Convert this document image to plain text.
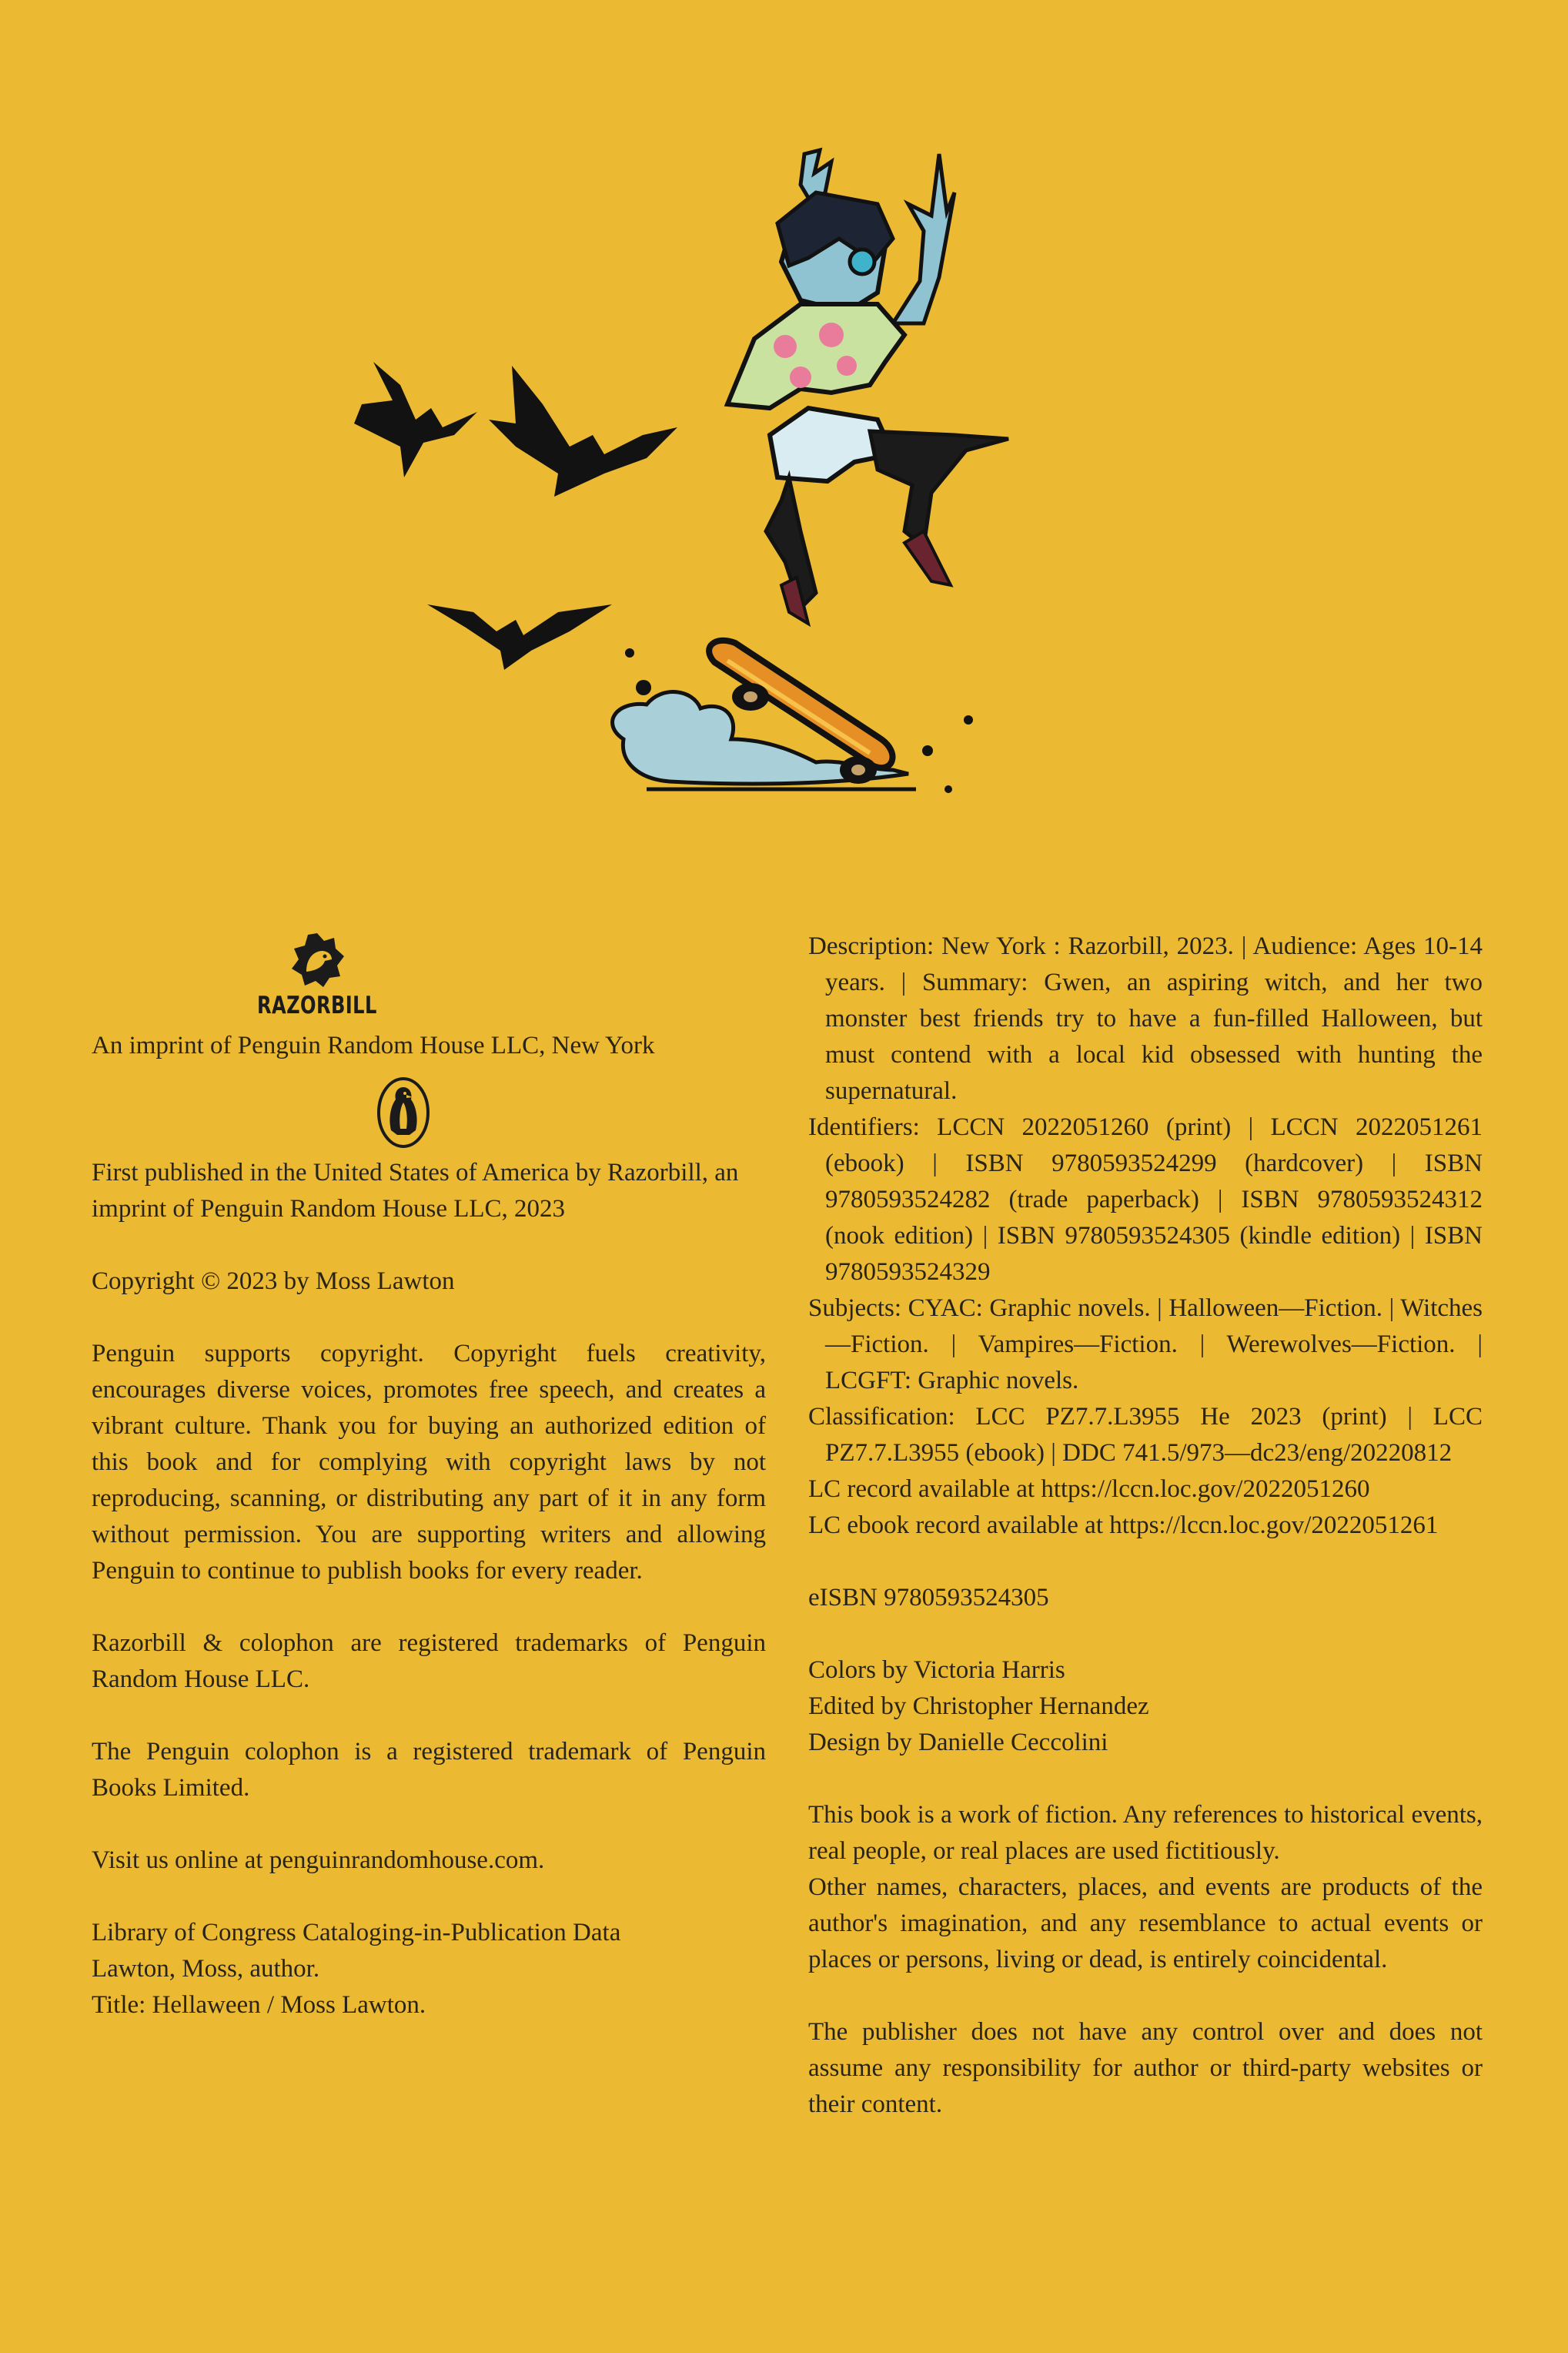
RAZORBILL

An imprint of Penguin Random House LLC, New York

First published in the United States of America by Razorbill, an imprint of Penguin Random House LLC, 2023

Copyright © 2023 by Moss Lawton

Penguin supports copyright. Copyright fuels creativity, encourages diverse voices, promotes free speech, and creates a vibrant culture. Thank you for buying an authorized edition of this book and for complying with copyright laws by not reproducing, scanning, or distributing any part of it in any form without permission. You are supporting writers and allowing Penguin to continue to publish books for every reader.

Razorbill & colophon are registered trademarks of Penguin Random House LLC.

The Penguin colophon is a registered trademark of Penguin Books Limited.

Visit us online at penguinrandomhouse.com.

Library of Congress Cataloging-in-Publication Data

Lawton, Moss, author.

Title: Hellaween / Moss Lawton.

Description: New York : Razorbill, 2023. | Audience: Ages 10-14 years. | Summary: Gwen, an aspiring witch, and her two monster best friends try to have a fun-filled Halloween, but must contend with a local kid obsessed with hunting the supernatural.

Identifiers: LCCN 2022051260 (print) | LCCN 2022051261 (ebook) | ISBN 9780593524299 (hardcover) | ISBN 9780593524282 (trade paperback) | ISBN 9780593524312 (nook edition) | ISBN 9780593524305 (kindle edition) | ISBN 9780593524329

Subjects: CYAC: Graphic novels. | Halloween—Fiction. | Witches—Fiction. | Vampires—Fiction. | Werewolves—Fiction. | LCGFT: Graphic novels.

Classification: LCC PZ7.7.L3955 He 2023 (print) | LCC PZ7.7.L3955 (ebook) | DDC 741.5/973—dc23/eng/20220812

LC record available at https://lccn.loc.gov/2022051260

LC ebook record available at https://lccn.loc.gov/2022051261

eISBN 9780593524305

Colors by Victoria Harris

Edited by Christopher Hernandez

Design by Danielle Ceccolini

This book is a work of fiction. Any references to historical events, real people, or real places are used fictitiously.

Other names, characters, places, and events are products of the author's imagination, and any resemblance to actual events or places or persons, living or dead, is entirely coincidental.

The publisher does not have any control over and does not assume any responsibility for author or third-party websites or their content.
